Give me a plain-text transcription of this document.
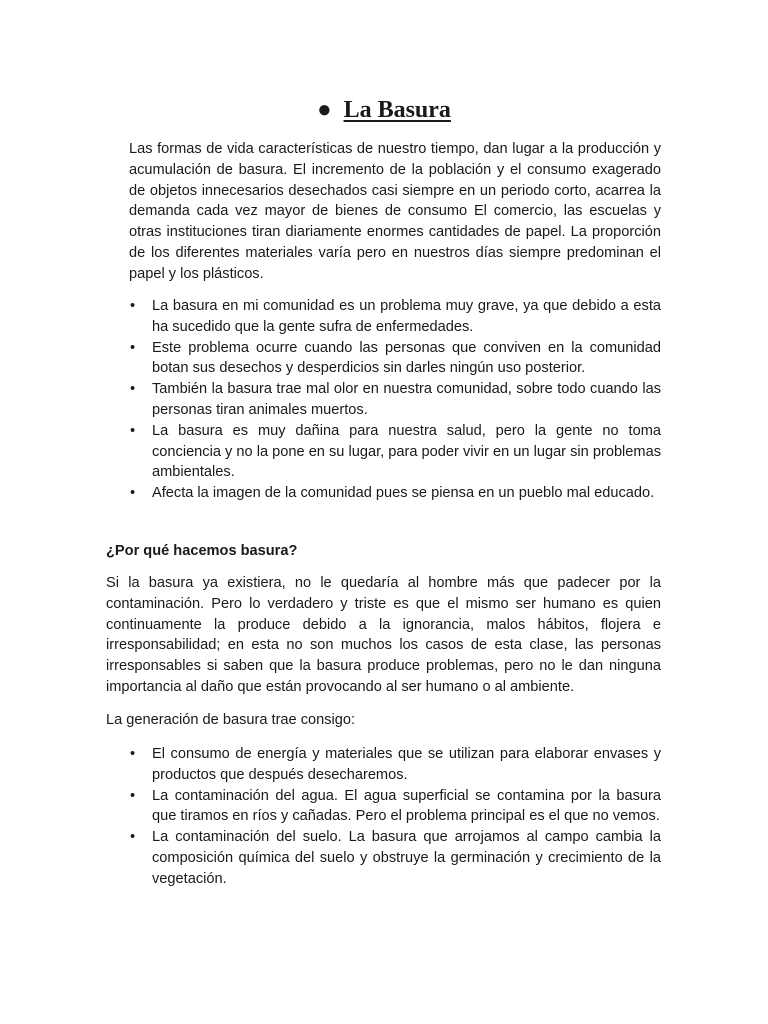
● La Basura

Las formas de vida características de nuestro tiempo, dan lugar a la producción y acumulación de basura. El incremento de la población y el consumo exagerado de objetos innecesarios desechados casi siempre en un periodo corto, acarrea la demanda cada vez mayor de bienes de consumo El comercio, las escuelas y otras instituciones tiran diariamente enormes cantidades de papel. La proporción de los diferentes materiales varía pero en nuestros días siempre predominan el papel y los plásticos.

• La basura en mi comunidad es un problema muy grave, ya que debido a esta ha sucedido que la gente sufra de enfermedades.
• Este problema ocurre cuando las personas que conviven en la comunidad botan sus desechos y desperdicios sin darles ningún uso posterior.
• También la basura trae mal olor en nuestra comunidad, sobre todo cuando las personas tiran animales muertos.
• La basura es muy dañina para nuestra salud, pero la gente no toma conciencia y no la pone en su lugar, para poder vivir en un lugar sin problemas ambientales.
• Afecta la imagen de la comunidad pues se piensa en un pueblo mal educado.

¿Por qué hacemos basura?

Si la basura ya existiera, no le quedaría al hombre más que padecer por la contaminación. Pero lo verdadero y triste es que el mismo ser humano es quien continuamente la produce debido a la ignorancia, malos hábitos, flojera e irresponsabilidad; en esta no son muchos los casos de esta clase, las personas irresponsables si saben que la basura produce problemas, pero no le dan ninguna importancia al daño que están provocando al ser humano o al ambiente.

La generación de basura trae consigo:

• El consumo de energía y materiales que se utilizan para elaborar envases y productos que después desecharemos.
• La contaminación del agua. El agua superficial se contamina por la basura que tiramos en ríos y cañadas. Pero el problema principal es el que no vemos.
• La contaminación del suelo. La basura que arrojamos al campo cambia la composición química del suelo y obstruye la germinación y crecimiento de la vegetación.
